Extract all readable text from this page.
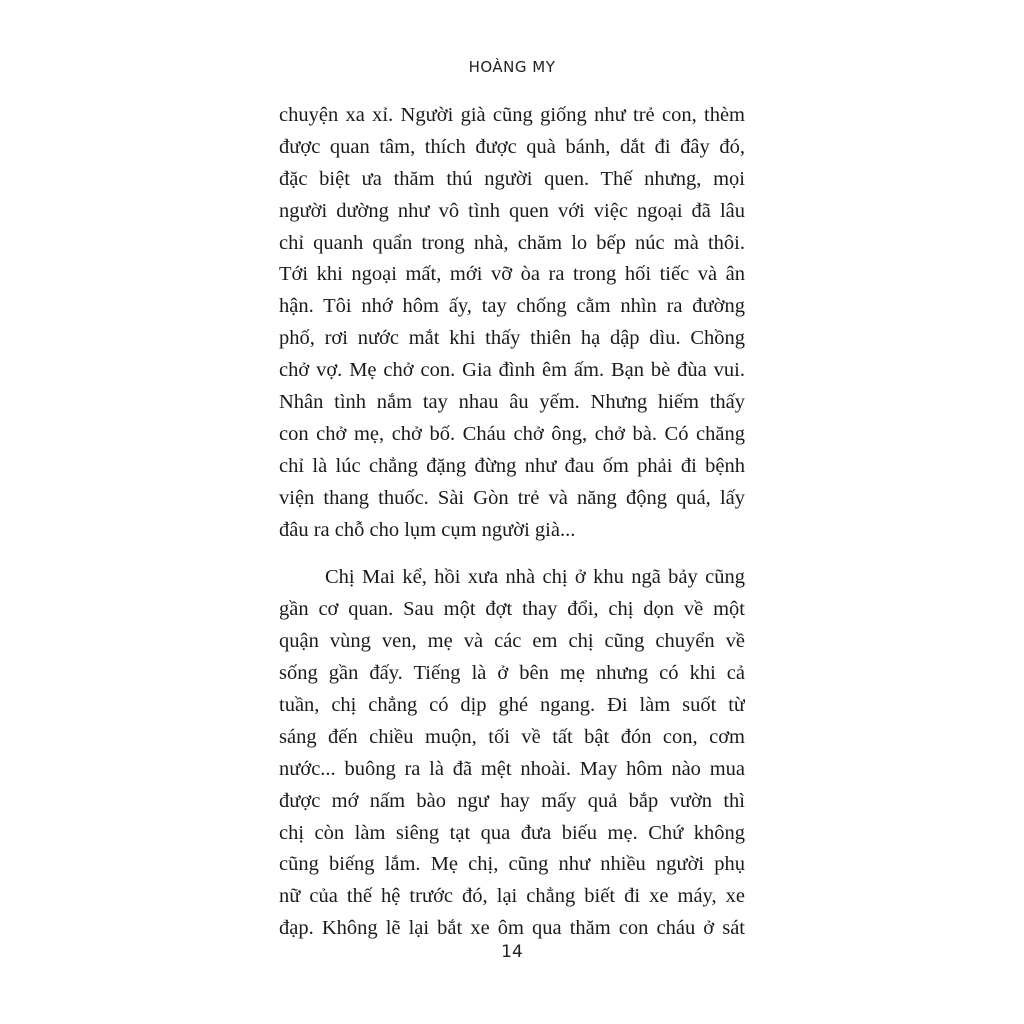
HOÀNG MY
chuyện xa xỉ. Người già cũng giống như trẻ con, thèm
được quan tâm, thích được quà bánh, dắt đi đây đó,
đặc biệt ưa thăm thú người quen. Thế nhưng, mọi
người dường như vô tình quen với việc ngoại đã lâu
chỉ quanh quẩn trong nhà, chăm lo bếp núc mà thôi.
Tới khi ngoại mất, mới vỡ òa ra trong hối tiếc và ân
hận. Tôi nhớ hôm ấy, tay chống cằm nhìn ra đường
phố, rơi nước mắt khi thấy thiên hạ dập dìu. Chồng
chở vợ. Mẹ chở con. Gia đình êm ấm. Bạn bè đùa vui.
Nhân tình nắm tay nhau âu yếm. Nhưng hiếm thấy
con chở mẹ, chở bố. Cháu chở ông, chở bà. Có chăng
chỉ là lúc chẳng đặng đừng như đau ốm phải đi bệnh
viện thang thuốc. Sài Gòn trẻ và năng động quá, lấy
đâu ra chỗ cho lụm cụm người già...
Chị Mai kể, hồi xưa nhà chị ở khu ngã bảy cũng
gần cơ quan. Sau một đợt thay đổi, chị dọn về một
quận vùng ven, mẹ và các em chị cũng chuyển về
sống gần đấy. Tiếng là ở bên mẹ nhưng có khi cả
tuần, chị chẳng có dịp ghé ngang. Đi làm suốt từ
sáng đến chiều muộn, tối về tất bật đón con, cơm
nước... buông ra là đã mệt nhoài. May hôm nào mua
được mớ nấm bào ngư hay mấy quả bắp vườn thì
chị còn làm siêng tạt qua đưa biếu mẹ. Chứ không
cũng biếng lắm. Mẹ chị, cũng như nhiều người phụ
nữ của thế hệ trước đó, lại chẳng biết đi xe máy, xe
đạp. Không lẽ lại bắt xe ôm qua thăm con cháu ở sát
14
